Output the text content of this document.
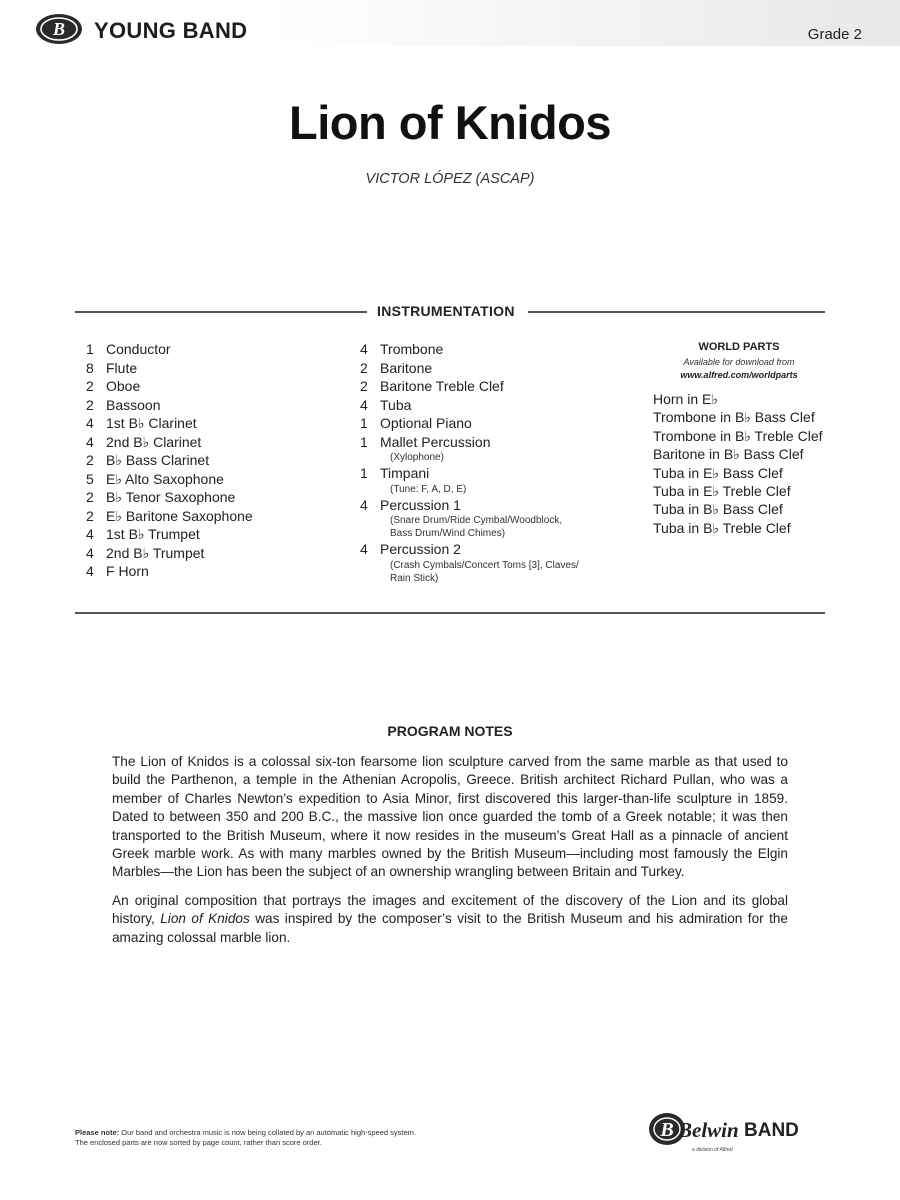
B YOUNG BAND	Grade 2
Lion of Knidos
VICTOR LÓPEZ (ASCAP)
INSTRUMENTATION
1 Conductor
8 Flute
2 Oboe
2 Bassoon
4 1st B♭ Clarinet
4 2nd B♭ Clarinet
2 B♭ Bass Clarinet
5 E♭ Alto Saxophone
2 B♭ Tenor Saxophone
2 E♭ Baritone Saxophone
4 1st B♭ Trumpet
4 2nd B♭ Trumpet
4 F Horn
4 Trombone
2 Baritone
2 Baritone Treble Clef
4 Tuba
1 Optional Piano
1 Mallet Percussion
(Xylophone)
1 Timpani
(Tune: F, A, D, E)
4 Percussion 1
(Snare Drum/Ride Cymbal/Woodblock,
Bass Drum/Wind Chimes)
4 Percussion 2
(Crash Cymbals/Concert Toms [3], Claves/
Rain Stick)
WORLD PARTS
Available for download from
www.alfred.com/worldparts
Horn in E♭
Trombone in B♭ Bass Clef
Trombone in B♭ Treble Clef
Baritone in B♭ Bass Clef
Tuba in E♭ Bass Clef
Tuba in E♭ Treble Clef
Tuba in B♭ Bass Clef
Tuba in B♭ Treble Clef
PROGRAM NOTES

The Lion of Knidos is a colossal six-ton fearsome lion sculpture carved from the same marble as that used to build the Parthenon, a temple in the Athenian Acropolis, Greece. British architect Richard Pullan, who was a member of Charles Newton’s expedition to Asia Minor, first discovered this larger-than-life sculpture in 1859. Dated to between 350 and 200 B.C., the massive lion once guarded the tomb of a Greek notable; it was then transported to the British Museum, where it now resides in the museum’s Great Hall as a pinnacle of ancient Greek marble work. As with many marbles owned by the British Museum—including most famously the Elgin Marbles—the Lion has been the subject of an ownership wrangling between Britain and Turkey.

An original composition that portrays the images and excitement of the discovery of the Lion and its global history, Lion of Knidos was inspired by the composer’s visit to the British Museum and his admiration for the amazing colossal marble lion.

Please note: Our band and orchestra music is now being collated by an automatic high-speed system.
The enclosed parts are now sorted by page count, rather than score order.
B Belwin BAND
a division of Alfred
